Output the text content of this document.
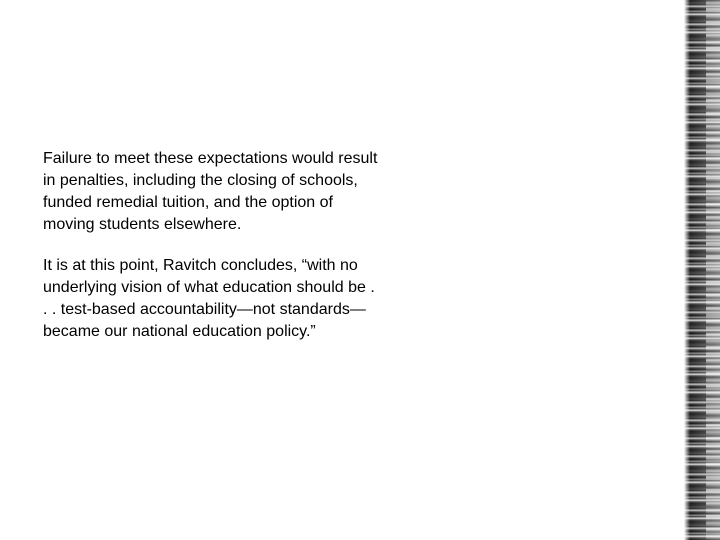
Failure to meet these expectations would result
in penalties, including the closing of schools,
funded remedial tuition, and the option of
moving students elsewhere.

It is at this point, Ravitch concludes, “with no
underlying vision of what education should be .
. . test-based accountability—not standards—
became our national education policy.”
